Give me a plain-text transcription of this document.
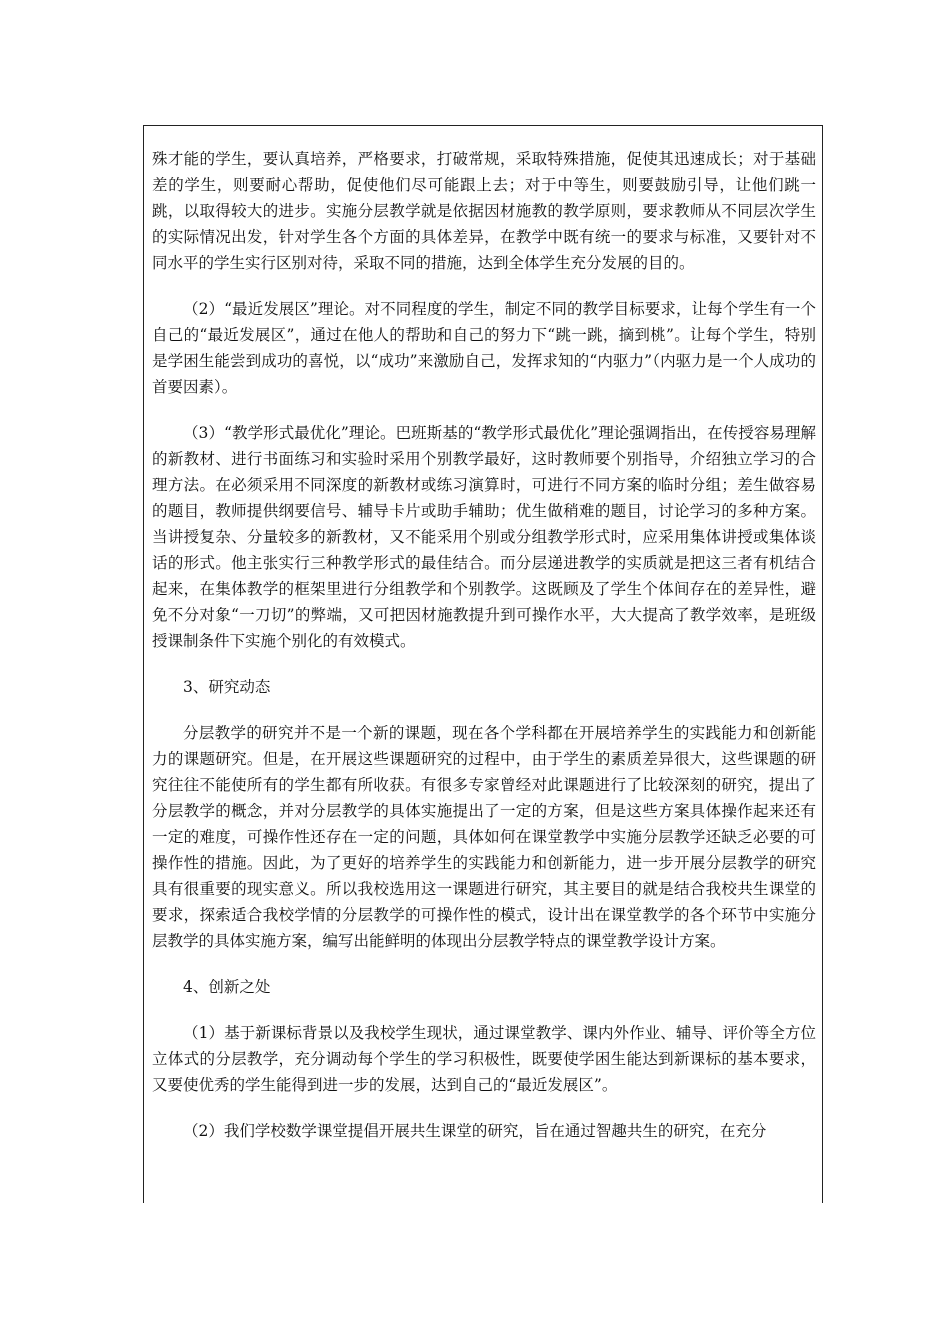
殊才能的学生，要认真培养，严格要求，打破常规，采取特殊措施，促使其迅速成长；对于基础差的学生，则要耐心帮助，促使他们尽可能跟上去；对于中等生，则要鼓励引导，让他们跳一跳，以取得较大的进步。实施分层教学就是依据因材施教的教学原则，要求教师从不同层次学生的实际情况出发，针对学生各个方面的具体差异，在教学中既有统一的要求与标准，又要针对不同水平的学生实行区别对待，采取不同的措施，达到全体学生充分发展的目的。

（2）“最近发展区”理论。对不同程度的学生，制定不同的教学目标要求，让每个学生有一个自己的“最近发展区”，通过在他人的帮助和自己的努力下“跳一跳，摘到桃”。让每个学生，特别是学困生能尝到成功的喜悦，以“成功”来激励自己，发挥求知的“内驱力”（内驱力是一个人成功的首要因素）。

（3）“教学形式最优化”理论。巴班斯基的“教学形式最优化”理论强调指出，在传授容易理解的新教材、进行书面练习和实验时采用个别教学最好，这时教师要个别指导，介绍独立学习的合理方法。在必须采用不同深度的新教材或练习演算时，可进行不同方案的临时分组；差生做容易的题目，教师提供纲要信号、辅导卡片或助手辅助；优生做稍难的题目，讨论学习的多种方案。当讲授复杂、分量较多的新教材，又不能采用个别或分组教学形式时，应采用集体讲授或集体谈话的形式。他主张实行三种教学形式的最佳结合。而分层递进教学的实质就是把这三者有机结合起来，在集体教学的框架里进行分组教学和个别教学。这既顾及了学生个体间存在的差异性，避免不分对象“一刀切”的弊端，又可把因材施教提升到可操作水平，大大提高了教学效率，是班级授课制条件下实施个别化的有效模式。

3、研究动态

分层教学的研究并不是一个新的课题，现在各个学科都在开展培养学生的实践能力和创新能力的课题研究。但是，在开展这些课题研究的过程中，由于学生的素质差异很大，这些课题的研究往往不能使所有的学生都有所收获。有很多专家曾经对此课题进行了比较深刻的研究，提出了分层教学的概念，并对分层教学的具体实施提出了一定的方案，但是这些方案具体操作起来还有一定的难度，可操作性还存在一定的问题，具体如何在课堂教学中实施分层教学还缺乏必要的可操作性的措施。因此，为了更好的培养学生的实践能力和创新能力，进一步开展分层教学的研究具有很重要的现实意义。所以我校选用这一课题进行研究，其主要目的就是结合我校共生课堂的要求，探索适合我校学情的分层教学的可操作性的模式，设计出在课堂教学的各个环节中实施分层教学的具体实施方案，编写出能鲜明的体现出分层教学特点的课堂教学设计方案。

4、创新之处

（1）基于新课标背景以及我校学生现状，通过课堂教学、课内外作业、辅导、评价等全方位立体式的分层教学，充分调动每个学生的学习积极性，既要使学困生能达到新课标的基本要求，又要使优秀的学生能得到进一步的发展，达到自己的“最近发展区”。

（2）我们学校数学课堂提倡开展共生课堂的研究，旨在通过智趣共生的研究，在充分
